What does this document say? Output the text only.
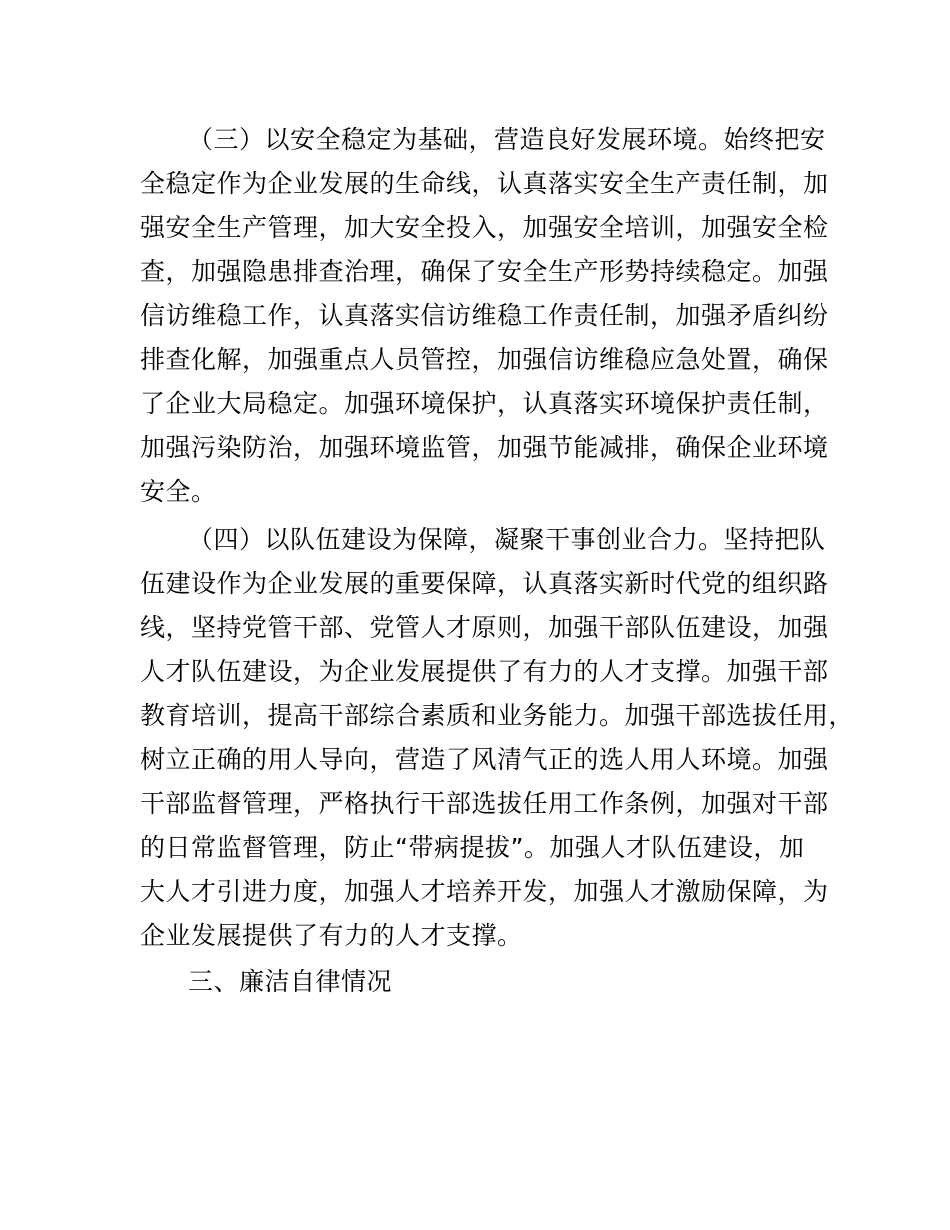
（三）以安全稳定为基础，营造良好发展环境。始终把安
全稳定作为企业发展的生命线，认真落实安全生产责任制，加
强安全生产管理，加大安全投入，加强安全培训，加强安全检
查，加强隐患排查治理，确保了安全生产形势持续稳定。加强
信访维稳工作，认真落实信访维稳工作责任制，加强矛盾纠纷
排查化解，加强重点人员管控，加强信访维稳应急处置，确保
了企业大局稳定。加强环境保护，认真落实环境保护责任制，
加强污染防治，加强环境监管，加强节能减排，确保企业环境
安全。
（四）以队伍建设为保障，凝聚干事创业合力。坚持把队
伍建设作为企业发展的重要保障，认真落实新时代党的组织路
线，坚持党管干部、党管人才原则，加强干部队伍建设，加强
人才队伍建设，为企业发展提供了有力的人才支撑。加强干部
教育培训，提高干部综合素质和业务能力。加强干部选拔任用，
树立正确的用人导向，营造了风清气正的选人用人环境。加强
干部监督管理，严格执行干部选拔任用工作条例，加强对干部
的日常监督管理，防止“带病提拔”。加强人才队伍建设，加
大人才引进力度，加强人才培养开发，加强人才激励保障，为
企业发展提供了有力的人才支撑。
三、廉洁自律情况
